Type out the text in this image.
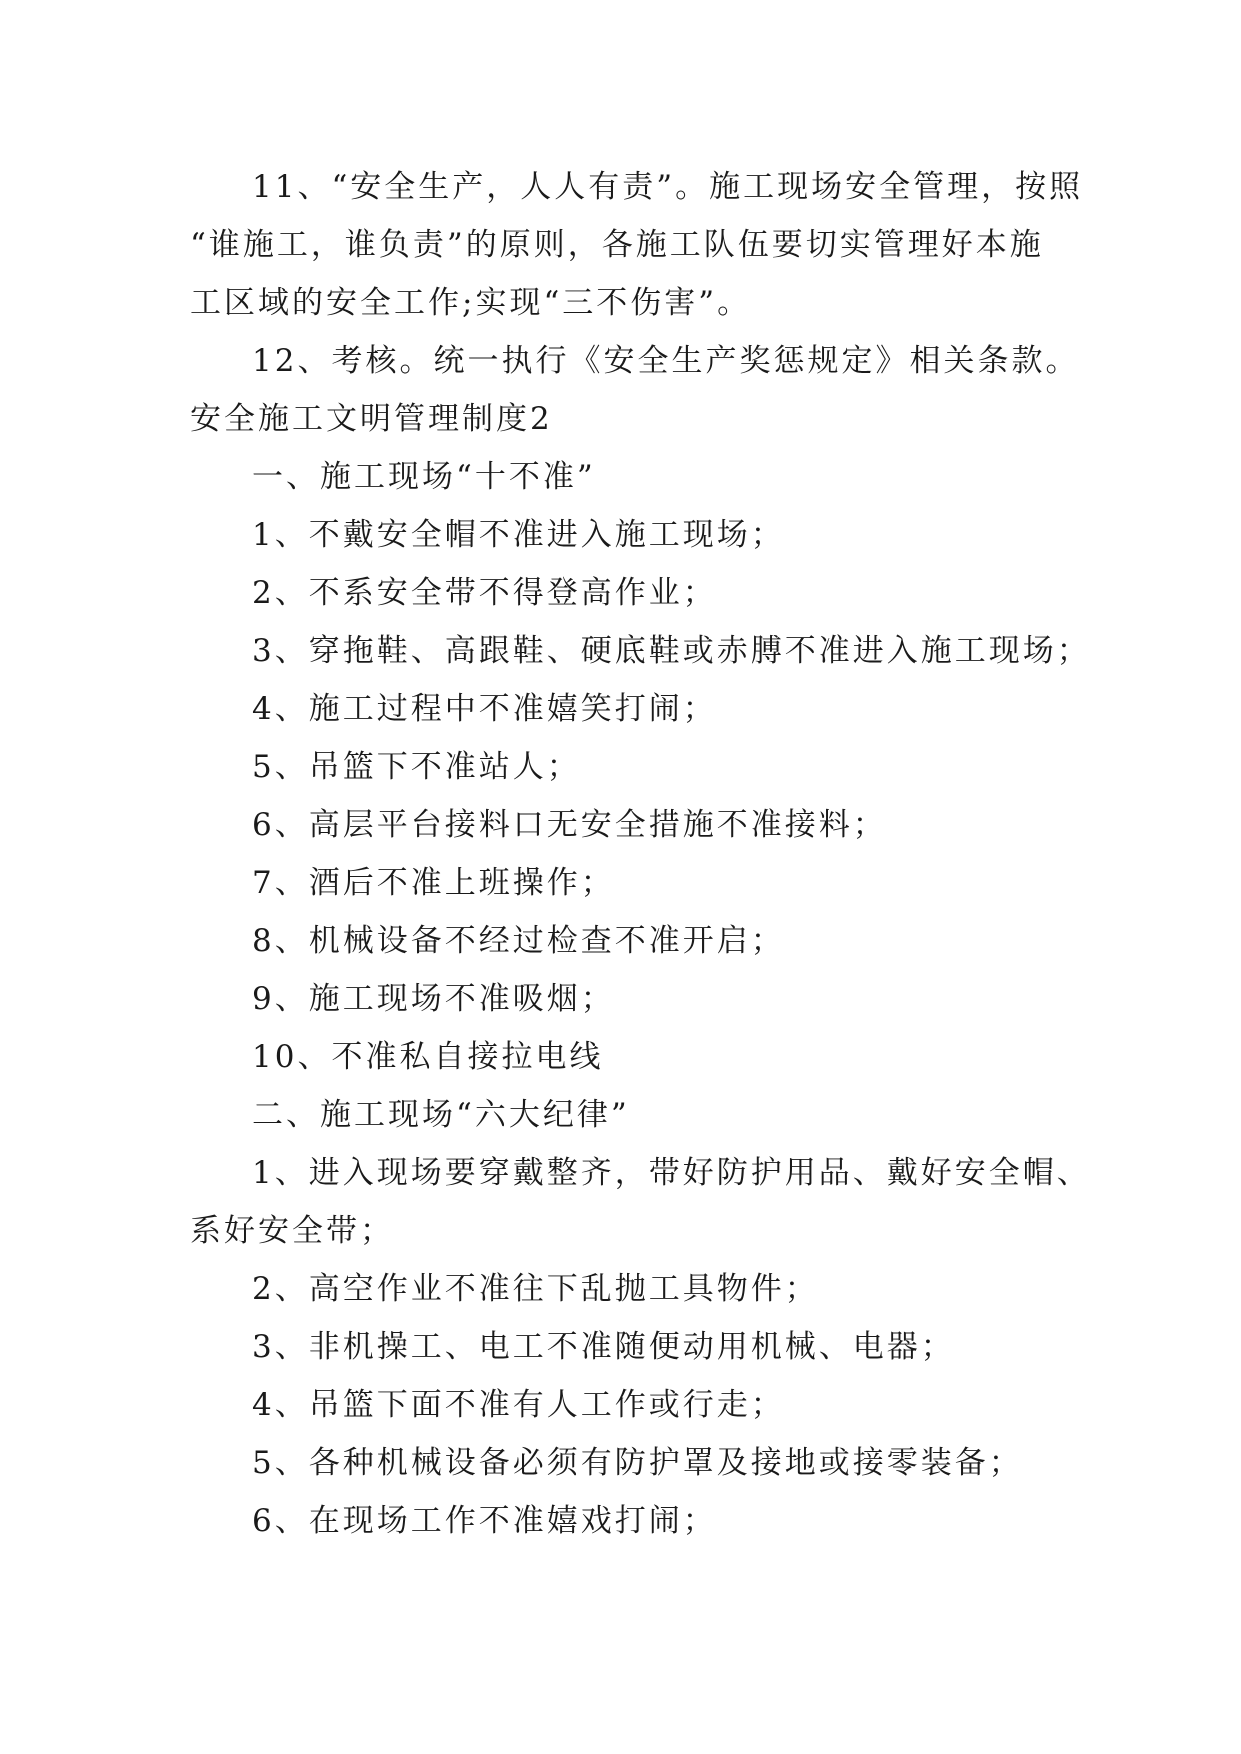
11、“安全生产，人人有责”。施工现场安全管理，按照
“谁施工，谁负责”的原则，各施工队伍要切实管理好本施
工区域的安全工作;实现“三不伤害”。
12、考核。统一执行《安全生产奖惩规定》相关条款。
安全施工文明管理制度2
一、施工现场“十不准”
1、不戴安全帽不准进入施工现场；
2、不系安全带不得登高作业；
3、穿拖鞋、高跟鞋、硬底鞋或赤膊不准进入施工现场；
4、施工过程中不准嬉笑打闹；
5、吊篮下不准站人；
6、高层平台接料口无安全措施不准接料；
7、酒后不准上班操作；
8、机械设备不经过检查不准开启；
9、施工现场不准吸烟；
10、不准私自接拉电线
二、施工现场“六大纪律”
1、进入现场要穿戴整齐，带好防护用品、戴好安全帽、
系好安全带；
2、高空作业不准往下乱抛工具物件；
3、非机操工、电工不准随便动用机械、电器；
4、吊篮下面不准有人工作或行走；
5、各种机械设备必须有防护罩及接地或接零装备；
6、在现场工作不准嬉戏打闹；
